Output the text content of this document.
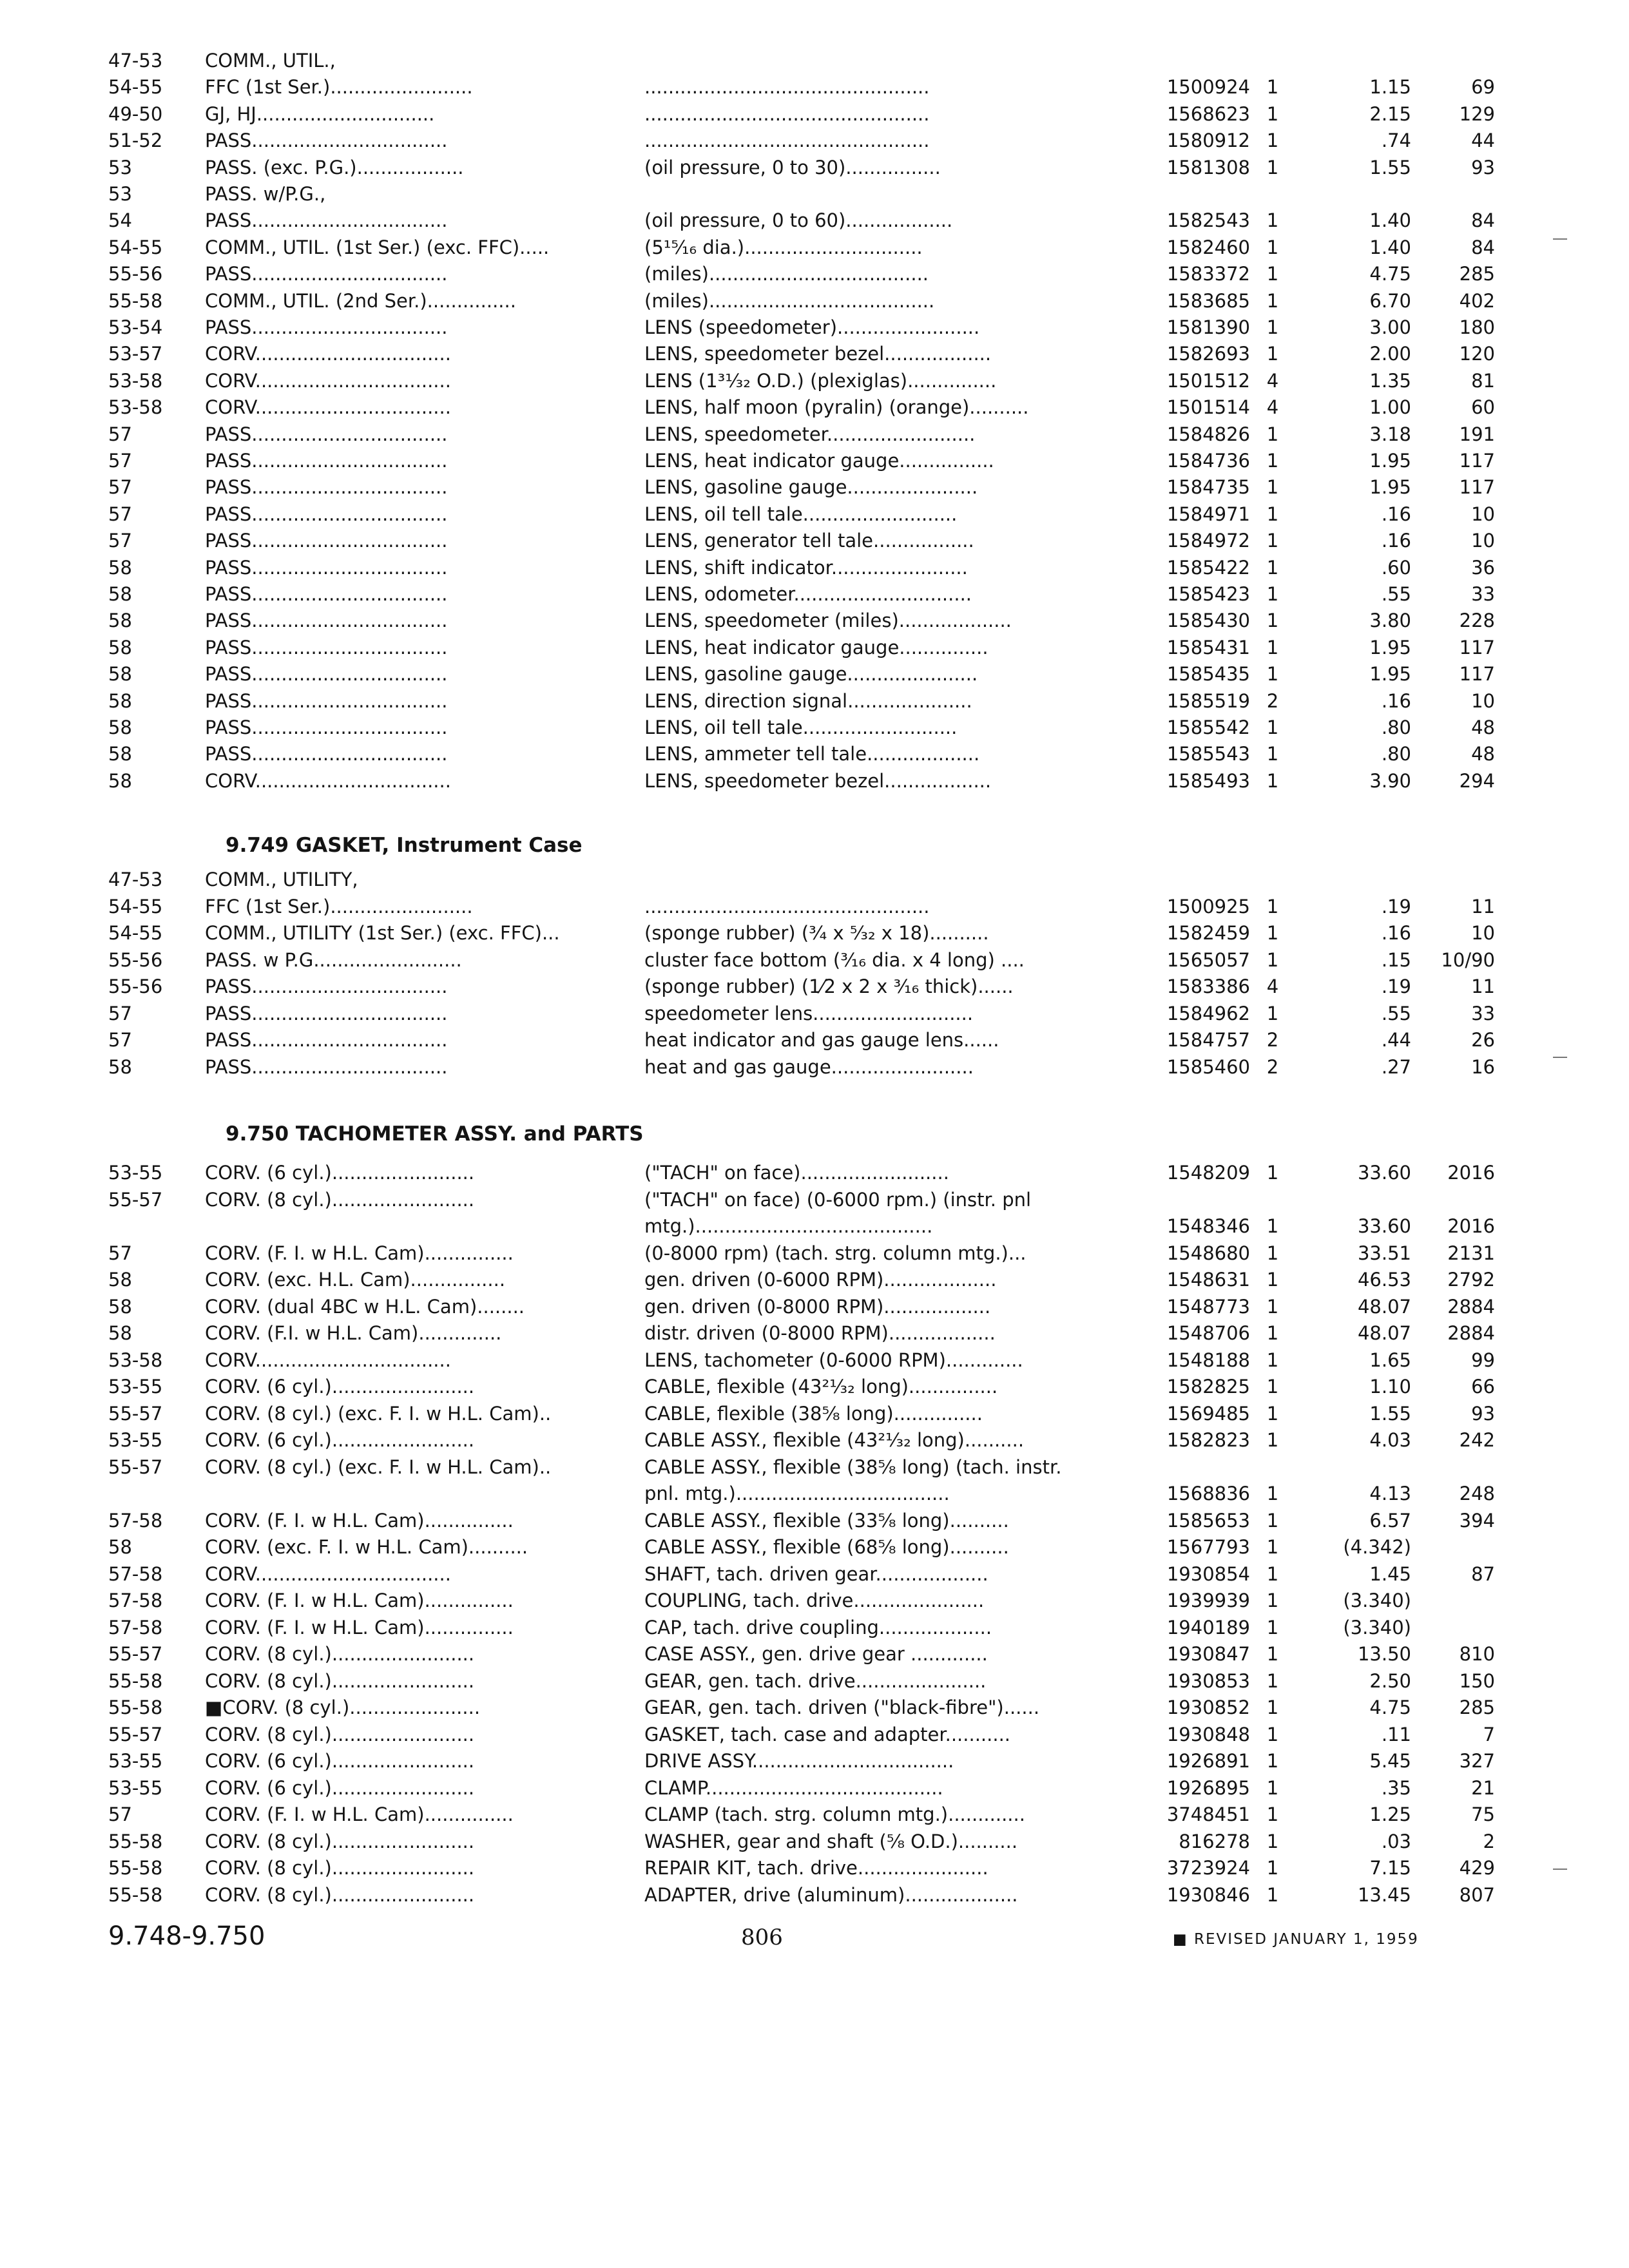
47-53	COMM., UTIL.,
54-55	FFC (1st Ser.)........................	................................................	1500924 1	1.15	69
49-50	GJ, HJ..............................	................................................	1568623 1	2.15	129
51-52	PASS.................................	................................................	1580912 1	.74	44
53	PASS. (exc. P.G.)..................	(oil pressure, 0 to 30)................	1581308 1	1.55	93
53	PASS. w/P.G.,
54	PASS.................................	(oil pressure, 0 to 60)..................	1582543 1	1.40	84
54-55	COMM., UTIL. (1st Ser.) (exc. FFC).....	(5¹⁵⁄₁₆ dia.)..............................	1582460 1	1.40	84
55-56	PASS.................................	(miles).....................................	1583372 1	4.75	285
55-58	COMM., UTIL. (2nd Ser.)...............	(miles)......................................	1583685 1	6.70	402
53-54	PASS.................................	LENS (speedometer)........................	1581390 1	3.00	180
53-57	CORV.................................	LENS, speedometer bezel..................	1582693 1	2.00	120
53-58	CORV.................................	LENS (1³¹⁄₃₂ O.D.) (plexiglas)...............	1501512 4	1.35	81
53-58	CORV.................................	LENS, half moon (pyralin) (orange)..........	1501514 4	1.00	60
57	PASS.................................	LENS, speedometer.........................	1584826 1	3.18	191
57	PASS.................................	LENS, heat indicator gauge................	1584736 1	1.95	117
57	PASS.................................	LENS, gasoline gauge......................	1584735 1	1.95	117
57	PASS.................................	LENS, oil tell tale..........................	1584971 1	.16	10
57	PASS.................................	LENS, generator tell tale.................	1584972 1	.16	10
58	PASS.................................	LENS, shift indicator.......................	1585422 1	.60	36
58	PASS.................................	LENS, odometer..............................	1585423 1	.55	33
58	PASS.................................	LENS, speedometer (miles)...................	1585430 1	3.80	228
58	PASS.................................	LENS, heat indicator gauge...............	1585431 1	1.95	117
58	PASS.................................	LENS, gasoline gauge......................	1585435 1	1.95	117
58	PASS.................................	LENS, direction signal.....................	1585519 2	.16	10
58	PASS.................................	LENS, oil tell tale..........................	1585542 1	.80	48
58	PASS.................................	LENS, ammeter tell tale...................	1585543 1	.80	48
58	CORV.................................	LENS, speedometer bezel..................	1585493 1	3.90	294
9.749 GASKET, Instrument Case
47-53	COMM., UTILITY,
54-55	FFC (1st Ser.)........................	................................................	1500925 1	.19	11
54-55	COMM., UTILITY (1st Ser.) (exc. FFC)...	(sponge rubber) (³⁄₄ x ⁵⁄₃₂ x 18)..........	1582459 1	.16	10
55-56	PASS. w P.G.........................	cluster face bottom (³⁄₁₆ dia. x 4 long) ....	1565057 1	.15	10/90
55-56	PASS.................................	(sponge rubber) (1⁄2 x 2 x ³⁄₁₆ thick)......	1583386 4	.19	11
57	PASS.................................	speedometer lens...........................	1584962 1	.55	33
57	PASS.................................	heat indicator and gas gauge lens......	1584757 2	.44	26
58	PASS.................................	heat and gas gauge........................	1585460 2	.27	16
9.750 TACHOMETER ASSY. and PARTS
53-55	CORV. (6 cyl.)........................	("TACH" on face).........................	1548209 1	33.60	2016
55-57	CORV. (8 cyl.)........................	("TACH" on face) (0-6000 rpm.) (instr. pnl
mtg.)........................................	1548346 1	33.60	2016
57	CORV. (F. I. w H.L. Cam)...............	(0-8000 rpm) (tach. strg. column mtg.)...	1548680 1	33.51	2131
58	CORV. (exc. H.L. Cam)................	gen. driven (0-6000 RPM)...................	1548631 1	46.53	2792
58	CORV. (dual 4BC w H.L. Cam)........	gen. driven (0-8000 RPM)..................	1548773 1	48.07	2884
58	CORV. (F.I. w H.L. Cam)..............	distr. driven (0-8000 RPM)..................	1548706 1	48.07	2884
53-58	CORV.................................	LENS, tachometer (0-6000 RPM).............	1548188 1	1.65	99
53-55	CORV. (6 cyl.)........................	CABLE, flexible (43²¹⁄₃₂ long)...............	1582825 1	1.10	66
55-57	CORV. (8 cyl.) (exc. F. I. w H.L. Cam)..	CABLE, flexible (38⁵⁄₈ long)...............	1569485 1	1.55	93
53-55	CORV. (6 cyl.)........................	CABLE ASSY., flexible (43²¹⁄₃₂ long)..........	1582823 1	4.03	242
55-57	CORV. (8 cyl.) (exc. F. I. w H.L. Cam)..	CABLE ASSY., flexible (38⁵⁄₈ long) (tach. instr.
pnl. mtg.)....................................	1568836 1	4.13	248
57-58	CORV. (F. I. w H.L. Cam)...............	CABLE ASSY., flexible (33⁵⁄₈ long)..........	1585653 1	6.57	394
58	CORV. (exc. F. I. w H.L. Cam)..........	CABLE ASSY., flexible (68⁵⁄₈ long)..........	1567793 1	(4.342)
57-58	CORV.................................	SHAFT, tach. driven gear...................	1930854 1	1.45	87
57-58	CORV. (F. I. w H.L. Cam)...............	COUPLING, tach. drive......................	1939939 1	(3.340)
57-58	CORV. (F. I. w H.L. Cam)...............	CAP, tach. drive coupling...................	1940189 1	(3.340)
55-57	CORV. (8 cyl.)........................	CASE ASSY., gen. drive gear .............	1930847 1	13.50	810
55-58	CORV. (8 cyl.)........................	GEAR, gen. tach. drive......................	1930853 1	2.50	150
55-58	■CORV. (8 cyl.)......................	GEAR, gen. tach. driven ("black-fibre")......	1930852 1	4.75	285
55-57	CORV. (8 cyl.)........................	GASKET, tach. case and adapter...........	1930848 1	.11	7
53-55	CORV. (6 cyl.)........................	DRIVE ASSY..................................	1926891 1	5.45	327
53-55	CORV. (6 cyl.)........................	CLAMP........................................	1926895 1	.35	21
57	CORV. (F. I. w H.L. Cam)...............	CLAMP (tach. strg. column mtg.).............	3748451 1	1.25	75
55-58	CORV. (8 cyl.)........................	WASHER, gear and shaft (⁵⁄₈ O.D.)..........	816278 1	.03	2
55-58	CORV. (8 cyl.)........................	REPAIR KIT, tach. drive......................	3723924 1	7.15	429
55-58	CORV. (8 cyl.)........................	ADAPTER, drive (aluminum)...................	1930846 1	13.45	807
9.748-9.750	806	■ REVISED JANUARY 1, 1959
